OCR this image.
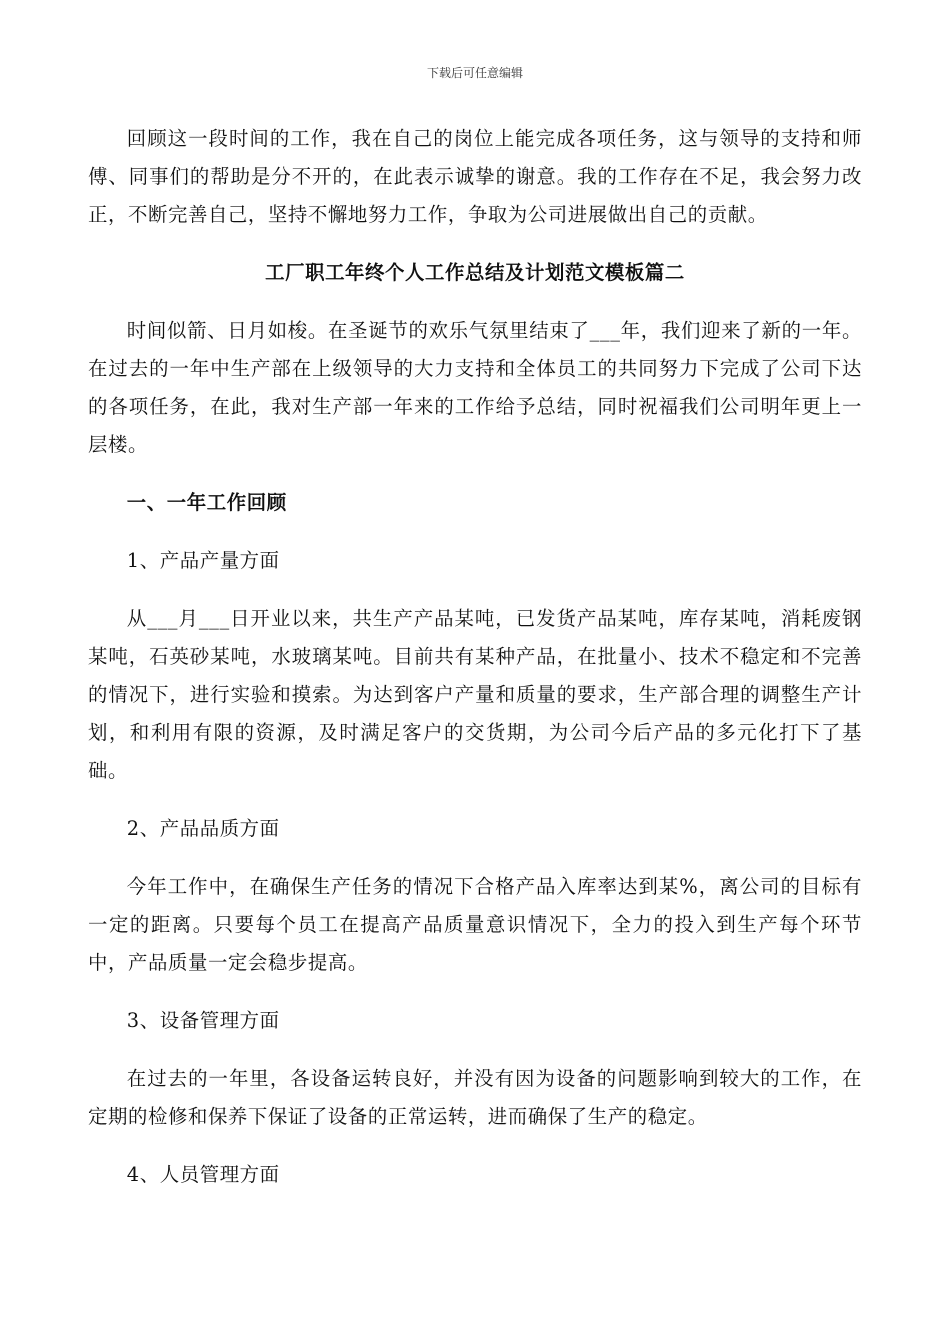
下载后可任意编辑

回顾这一段时间的工作，我在自己的岗位上能完成各项任务，这与领导的支持和师傅、同事们的帮助是分不开的，在此表示诚挚的谢意。我的工作存在不足，我会努力改正，不断完善自己，坚持不懈地努力工作，争取为公司进展做出自己的贡献。

工厂职工年终个人工作总结及计划范文模板篇二

时间似箭、日月如梭。在圣诞节的欢乐气氛里结束了___年，我们迎来了新的一年。在过去的一年中生产部在上级领导的大力支持和全体员工的共同努力下完成了公司下达的各项任务，在此，我对生产部一年来的工作给予总结，同时祝福我们公司明年更上一层楼。

一、一年工作回顾

1、产品产量方面

从___月___日开业以来，共生产产品某吨，已发货产品某吨，库存某吨，消耗废钢某吨，石英砂某吨，水玻璃某吨。目前共有某种产品，在批量小、技术不稳定和不完善的情况下，进行实验和摸索。为达到客户产量和质量的要求，生产部合理的调整生产计划，和利用有限的资源，及时满足客户的交货期，为公司今后产品的多元化打下了基础。

2、产品品质方面

今年工作中，在确保生产任务的情况下合格产品入库率达到某%，离公司的目标有一定的距离。只要每个员工在提高产品质量意识情况下，全力的投入到生产每个环节中，产品质量一定会稳步提高。

3、设备管理方面

在过去的一年里，各设备运转良好，并没有因为设备的问题影响到较大的工作，在定期的检修和保养下保证了设备的正常运转，进而确保了生产的稳定。

4、人员管理方面
